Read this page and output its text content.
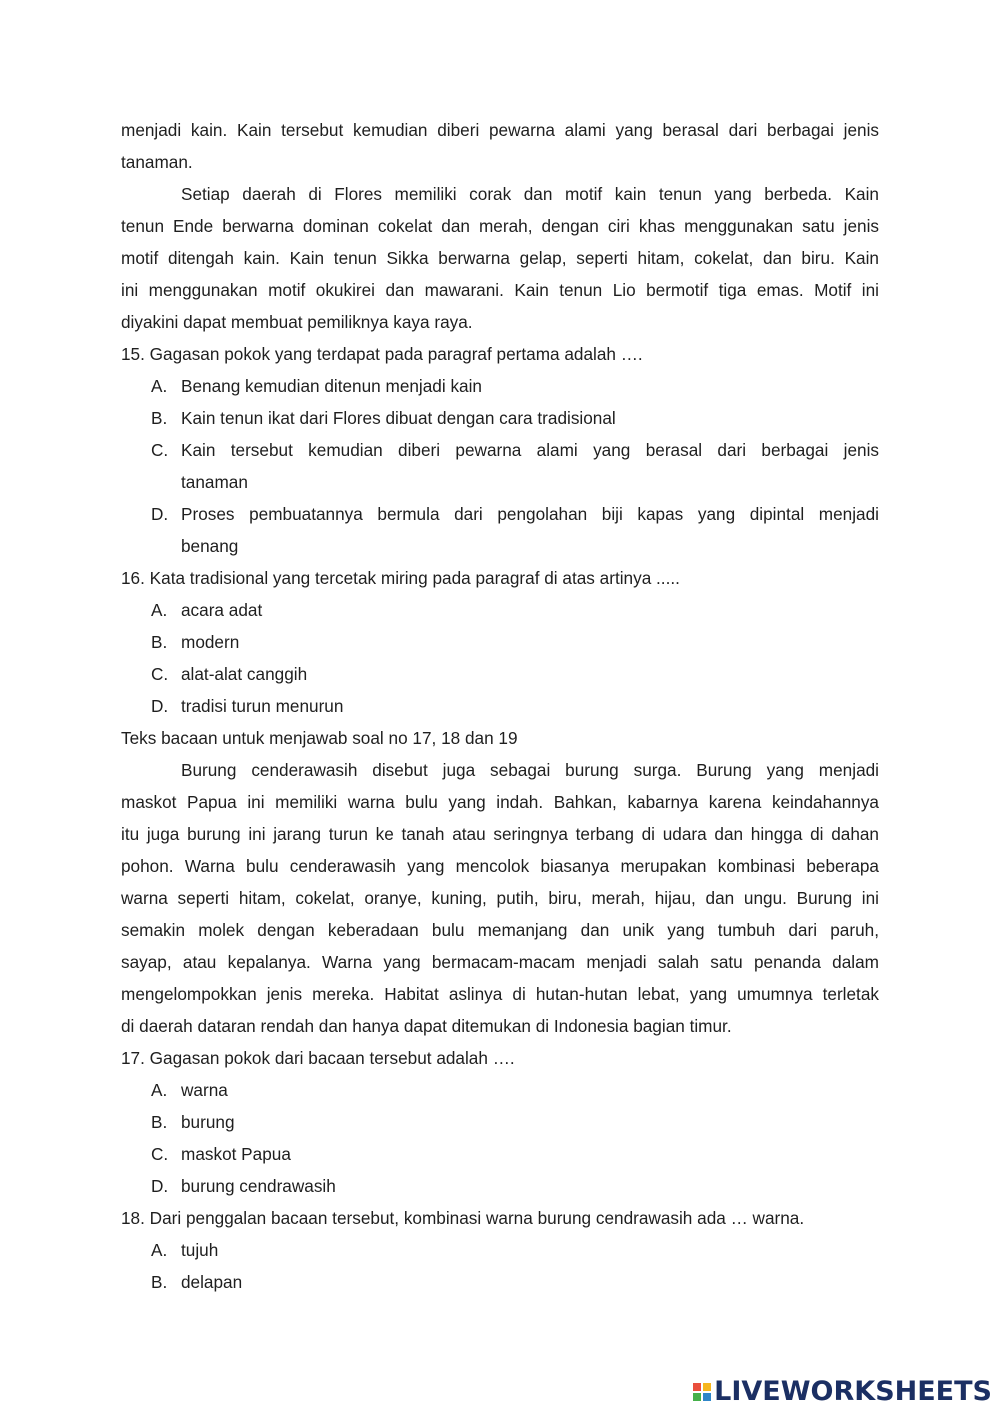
menjadi kain. Kain tersebut kemudian diberi pewarna alami yang berasal dari berbagai jenis

tanaman.

Setiap daerah di Flores memiliki corak dan motif kain tenun yang berbeda. Kain

tenun Ende berwarna dominan cokelat dan merah, dengan ciri khas menggunakan satu jenis

motif ditengah kain. Kain tenun Sikka berwarna gelap, seperti hitam, cokelat, dan biru. Kain

ini menggunakan motif okukirei dan mawarani. Kain tenun Lio bermotif tiga emas. Motif ini

diyakini dapat membuat pemiliknya kaya raya.

15. Gagasan pokok yang terdapat pada paragraf pertama adalah ….

A. Benang kemudian ditenun menjadi kain
B. Kain tenun ikat dari Flores dibuat dengan cara tradisional
C. Kain tersebut kemudian diberi pewarna alami yang berasal dari berbagai jenis
tanaman
D. Proses pembuatannya bermula dari pengolahan biji kapas yang dipintal menjadi
benang

16. Kata tradisional yang tercetak miring pada paragraf di atas artinya .....

A. acara adat
B. modern
C. alat-alat canggih
D. tradisi turun menurun

Teks bacaan untuk menjawab soal no 17, 18 dan 19

Burung cenderawasih disebut juga sebagai burung surga. Burung yang menjadi

maskot Papua ini memiliki warna bulu yang indah. Bahkan, kabarnya karena keindahannya

itu juga burung ini jarang turun ke tanah atau seringnya terbang di udara dan hingga di dahan

pohon. Warna bulu cenderawasih yang mencolok biasanya merupakan kombinasi beberapa

warna seperti hitam, cokelat, oranye, kuning, putih, biru, merah, hijau, dan ungu. Burung ini

semakin molek dengan keberadaan bulu memanjang dan unik yang tumbuh dari paruh,

sayap, atau kepalanya. Warna yang bermacam-macam menjadi salah satu penanda dalam

mengelompokkan jenis mereka. Habitat aslinya di hutan-hutan lebat, yang umumnya terletak

di daerah dataran rendah dan hanya dapat ditemukan di Indonesia bagian timur.

17. Gagasan pokok dari bacaan tersebut adalah ….

A. warna
B. burung
C. maskot Papua
D. burung cendrawasih

18. Dari penggalan bacaan tersebut, kombinasi warna burung cendrawasih ada … warna.

A. tujuh
B. delapan
LIVEWORKSHEETS
